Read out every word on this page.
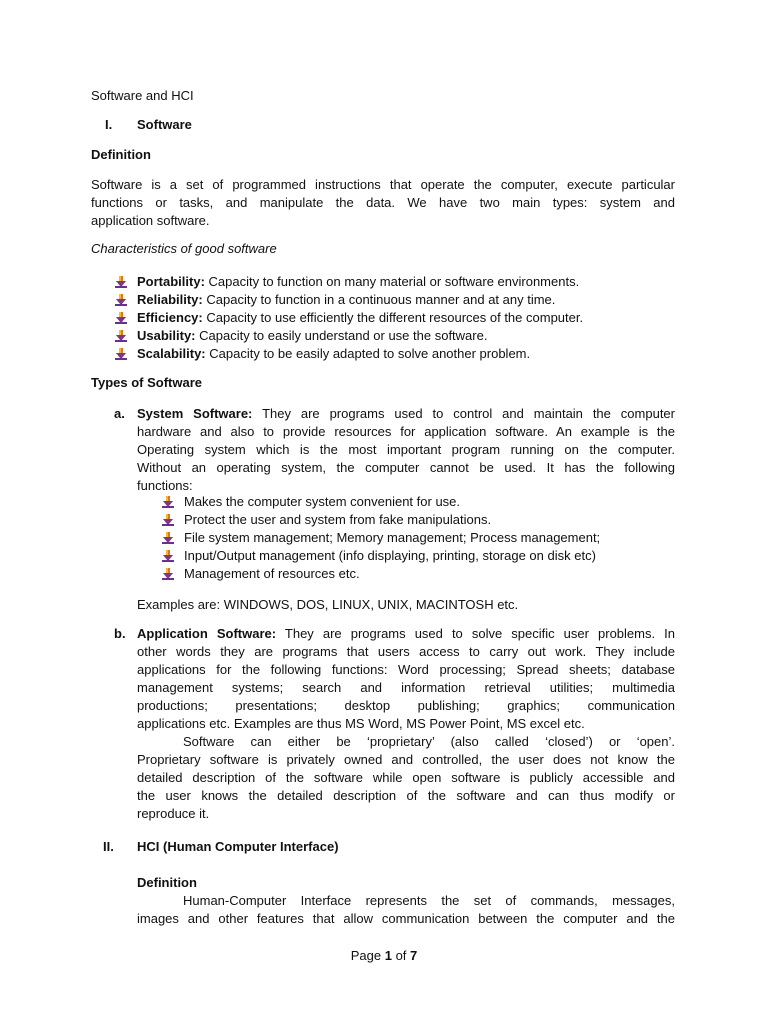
Software and HCI
I. Software
Definition
Software is a set of programmed instructions that operate the computer, execute particular
functions or tasks, and manipulate the data. We have two main types: system and
application software.
Characteristics of good software
Portability: Capacity to function on many material or software environments.
Reliability: Capacity to function in a continuous manner and at any time.
Efficiency: Capacity to use efficiently the different resources of the computer.
Usability: Capacity to easily understand or use the software.
Scalability: Capacity to be easily adapted to solve another problem.
Types of Software
a. System Software: They are programs used to control and maintain the computer
hardware and also to provide resources for application software. An example is the
Operating system which is the most important program running on the computer.
Without an operating system, the computer cannot be used. It has the following
functions:
Makes the computer system convenient for use.
Protect the user and system from fake manipulations.
File system management; Memory management; Process management;
Input/Output management (info displaying, printing, storage on disk etc)
Management of resources etc.
Examples are: WINDOWS, DOS, LINUX, UNIX, MACINTOSH etc.
b. Application Software: They are programs used to solve specific user problems. In
other words they are programs that users access to carry out work. They include
applications for the following functions: Word processing; Spread sheets; database
management systems; search and information retrieval utilities; multimedia
productions; presentations; desktop publishing; graphics; communication
applications etc. Examples are thus MS Word, MS Power Point, MS excel etc.
Software can either be ‘proprietary’ (also called ‘closed’) or ‘open’.
Proprietary software is privately owned and controlled, the user does not know the
detailed description of the software while open software is publicly accessible and
the user knows the detailed description of the software and can thus modify or
reproduce it.
II. HCI (Human Computer Interface)
Definition
Human-Computer Interface represents the set of commands, messages,
images and other features that allow communication between the computer and the
Page 1 of 7
